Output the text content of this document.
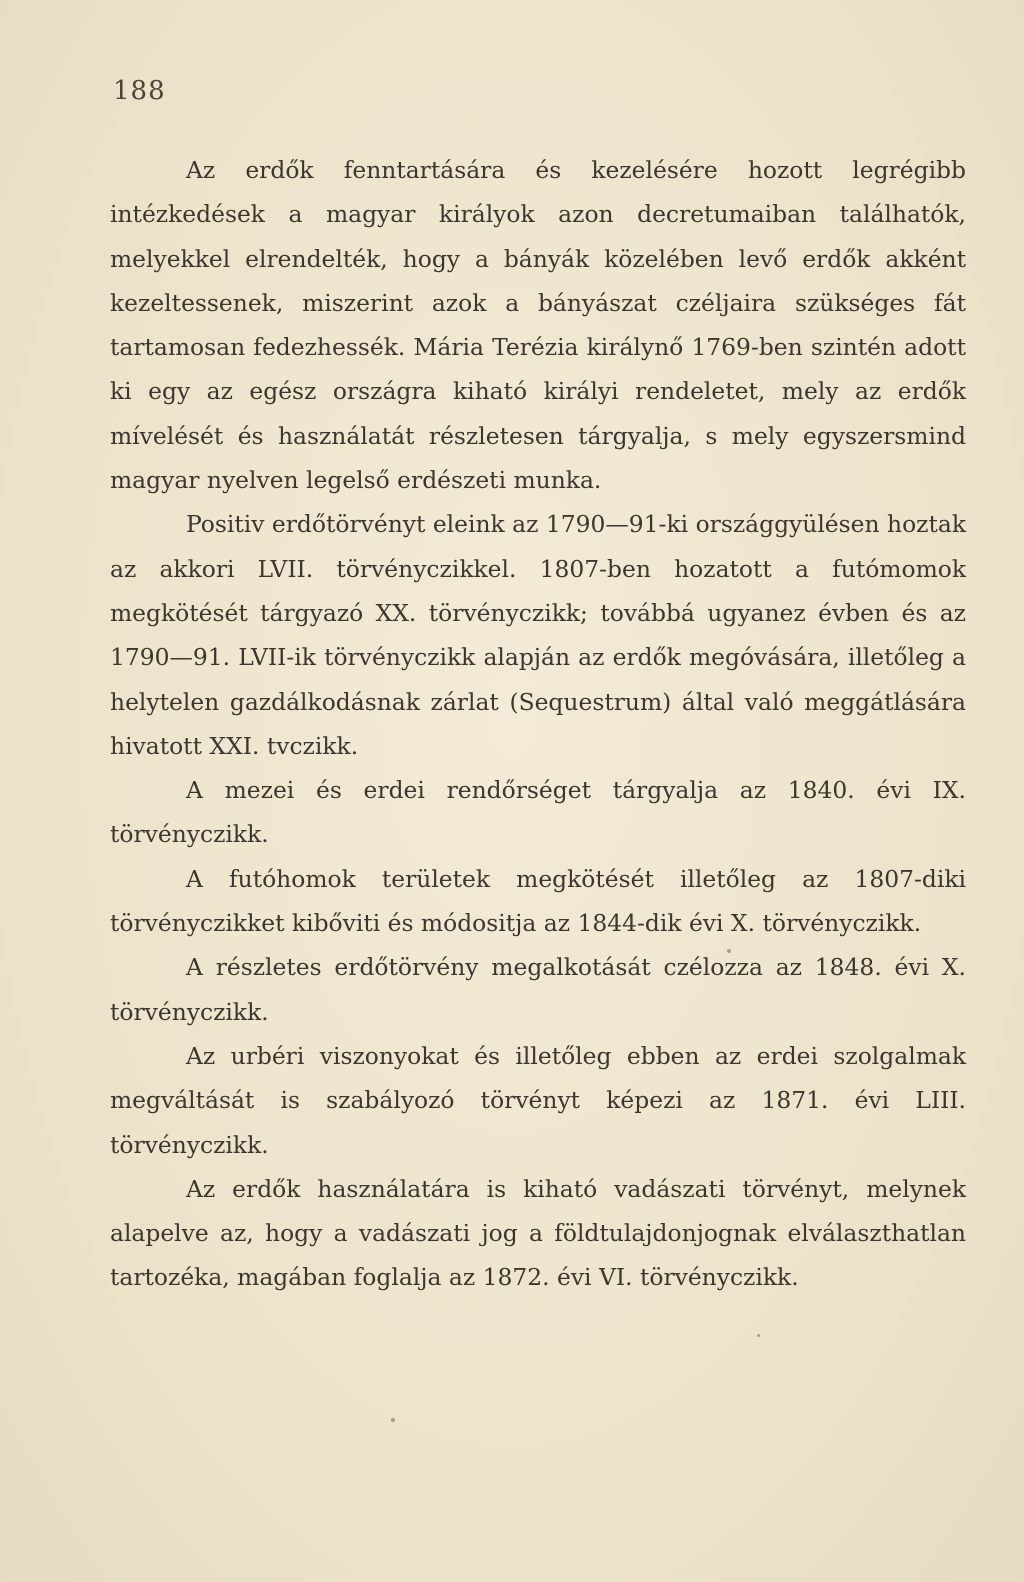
188

Az erdők fenntartására és kezelésére hozott legrégibb intézkedések a magyar királyok azon decretumaiban találhatók, melyekkel elrendelték, hogy a bányák közelében levő erdők akként kezeltessenek, miszerint azok a bányászat czéljaira szükséges fát tartamosan fedezhessék. Mária Terézia királynő 1769-ben szintén adott ki egy az egész országra kiható királyi rendeletet, mely az erdők mívelését és használatát részletesen tárgyalja, s mely egyszersmind magyar nyelven legelső erdészeti munka.

Positiv erdőtörvényt eleink az 1790—91-ki országgyülésen hoztak az akkori LVII. törvényczikkel. 1807-ben hozatott a futómomok megkötését tárgyazó XX. törvényczikk; továbbá ugyanez évben és az 1790—91. LVII-ik törvényczikk alapján az erdők megóvására, illetőleg a helytelen gazdálkodásnak zárlat (Sequestrum) által való meggátlására hivatott XXI. tvczikk.

A mezei és erdei rendőrséget tárgyalja az 1840. évi IX. törvényczikk.

A futóhomok területek megkötését illetőleg az 1807-diki törvényczikket kibőviti és módositja az 1844-dik évi X. törvényczikk.

A részletes erdőtörvény megalkotását czélozza az 1848. évi X. törvényczikk.

Az urbéri viszonyokat és illetőleg ebben az erdei szolgalmak megváltását is szabályozó törvényt képezi az 1871. évi LIII. törvényczikk.

Az erdők használatára is kiható vadászati törvényt, melynek alapelve az, hogy a vadászati jog a földtulajdonjognak elválaszthatlan tartozéka, magában foglalja az 1872. évi VI. törvényczikk.
